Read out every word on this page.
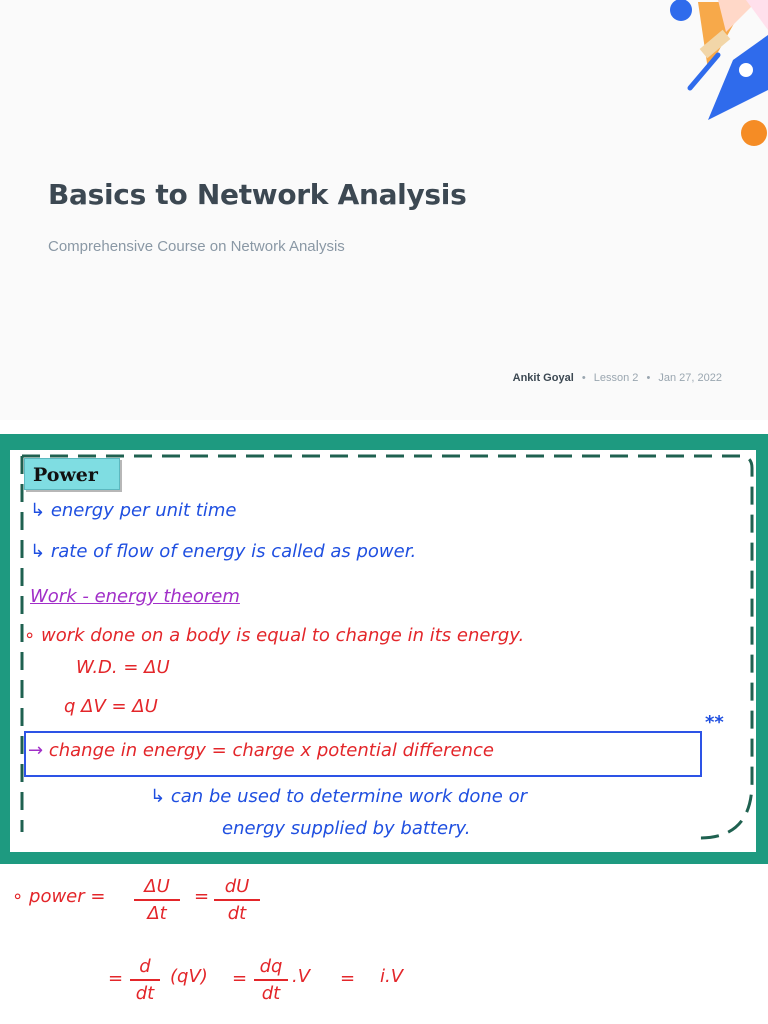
Basics to Network Analysis
Comprehensive Course on Network Analysis
Ankit Goyal • Lesson 2 • Jan 27, 2022
Power
↳ energy per unit time
↳ rate of flow of energy is called as power.
Work - energy theorem
∘ work done on a body is equal to change in its energy.
W.D. = ΔU
q ΔV = ΔU
→ change in energy = charge x potential difference
**
↳ can be used to determine work done or
energy supplied by battery.
∘ power =	ΔU
Δt
= dU
dt
=
d
dt
(qV) =
dq
dt
.V = i.V
